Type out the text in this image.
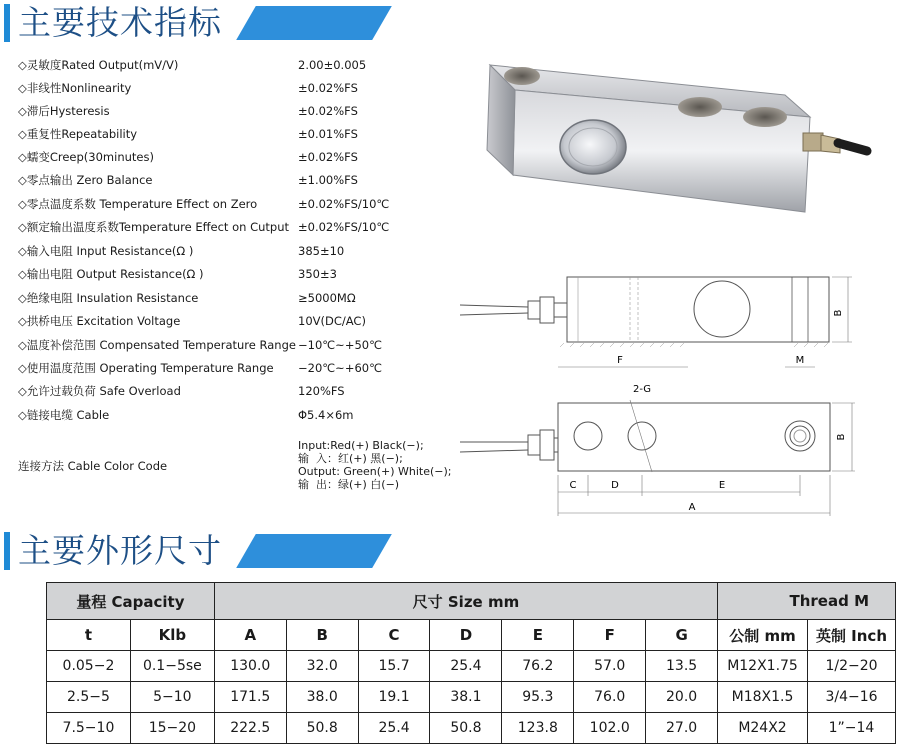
主要技术指标
◇灵敏度Rated Output(mV/V)	2.00±0.005
◇非线性Nonlinearity	±0.02%FS
◇滞后Hysteresis	±0.02%FS
◇重复性Repeatability	±0.01%FS
◇蠕变Creep(30minutes)	±0.02%FS
◇零点输出 Zero Balance	±1.00%FS
◇零点温度系数 Temperature Effect on Zero	±0.02%FS/10℃
◇额定输出温度系数Temperature Effect on Cutput ±0.02%FS/10℃
◇输入电阻 Input Resistance(Ω )	385±10
◇输出电阻 Output Resistance(Ω )	350±3
◇绝缘电阻 Insulation Resistance	≥5000MΩ
◇拱桥电压 Excitation Voltage	10V(DC/AC)
◇温度补偿范围 Compensated Temperature Range −10℃~+50℃
◇使用温度范围 Operating Temperature Range −20℃~+60℃
◇允许过载负荷 Safe Overload	120%FS
◇链接电缆 Cable	Φ5.4×6m
连接方法 Cable Color Code
Input:Red(+) Black(−);
输  入：红(+) 黑(−);
Output: Green(+) White(−);
输  出：绿(+) 白(−)
B
F	M
2-G
B
C	D	E
A
主要外形尺寸
量程 Capacity		尺寸 Size mm							Thread M	
t	Klb	A	B	C	D	E	F	G	公制 mm	英制 Inch
0.05−2	0.1−5se	130.0	32.0	15.7	25.4	76.2	57.0	13.5	M12X1.75	1/2−20
2.5−5	5−10	171.5	38.0	19.1	38.1	95.3	76.0	20.0	M18X1.5	3/4−16
7.5−10	15−20	222.5	50.8	25.4	50.8	123.8	102.0	27.0	M24X2	1”−14
